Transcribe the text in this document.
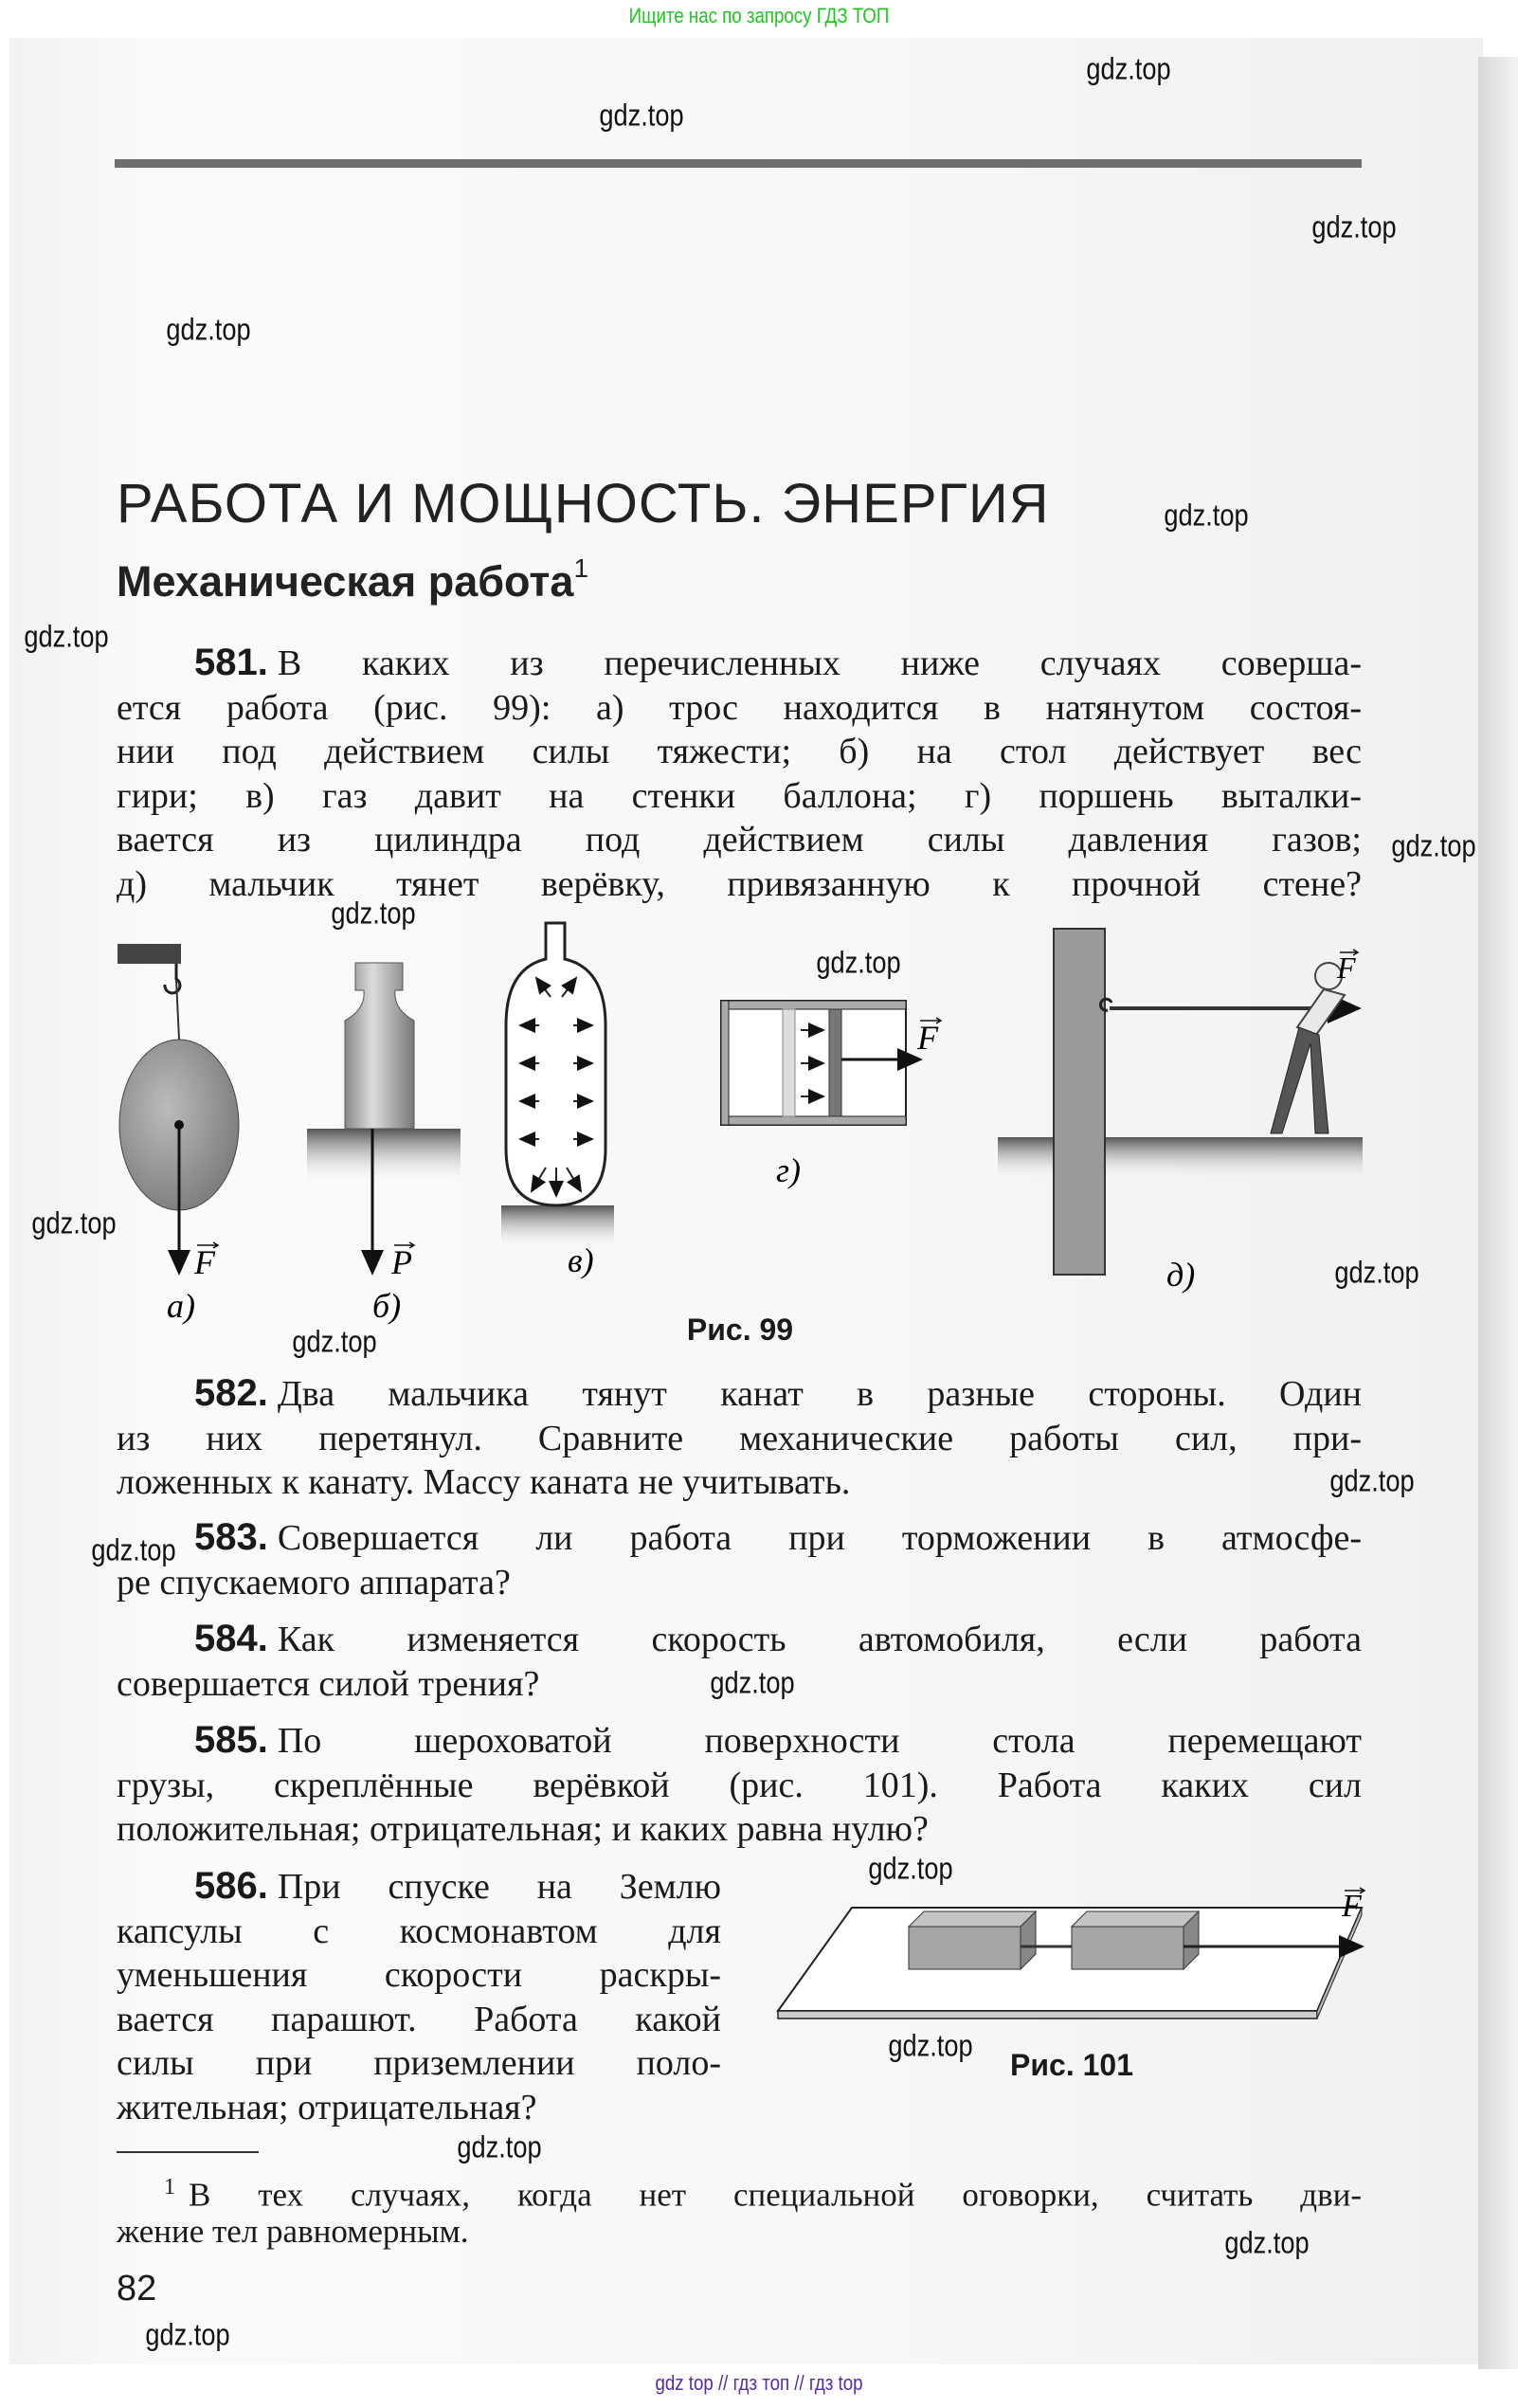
Ищите нас по запросу ГДЗ ТОП
РАБОТА И МОЩНОСТЬ. ЭНЕРГИЯ
Механическая работа$^1$
581. В каких из перечисленных ниже случаях соверша-
ется работа (рис. 99): а) трос находится в натянутом состоя-
нии под действием силы тяжести; б) на стол действует вес
гири; в) газ давит на стенки баллона; г) поршень выталки-
вается из цилиндра под действием силы давления газов;
д) мальчик тянет верёвку, привязанную к прочной стене?
F
а)
P
б)
в)
F
г)
F
д)
Рис. 99
582. Два мальчика тянут канат в разные стороны. Один
из них перетянул. Сравните механические работы сил, при-
ложенных к канату. Массу каната не учитывать.
583. Совершается ли работа при торможении в атмосфе-
ре спускаемого аппарата?
584. Как изменяется скорость автомобиля, если работа
совершается силой трения?
585. По шероховатой поверхности стола перемещают
грузы, скреплённые верёвкой (рис. 101). Работа каких сил
положительная; отрицательная; и каких равна нулю?
586. При спуске на Землю
капсулы с космонавтом для
уменьшения скорости раскры-
вается парашют. Работа какой
силы при приземлении поло-
жительная; отрицательная?
F
Рис. 101
$^1$ В тех случаях, когда нет специальной оговорки, считать дви-
жение тел равномерным.
82
gdz top // гдз топ // гдз top
gdz.top
gdz.top
gdz.top
gdz.top
gdz.top
gdz.top
gdz.top
gdz.top
gdz.top
gdz.top
gdz.top
gdz.top
gdz.top
gdz.top
gdz.top
gdz.top
gdz.top
gdz.top
gdz.top
gdz.top
